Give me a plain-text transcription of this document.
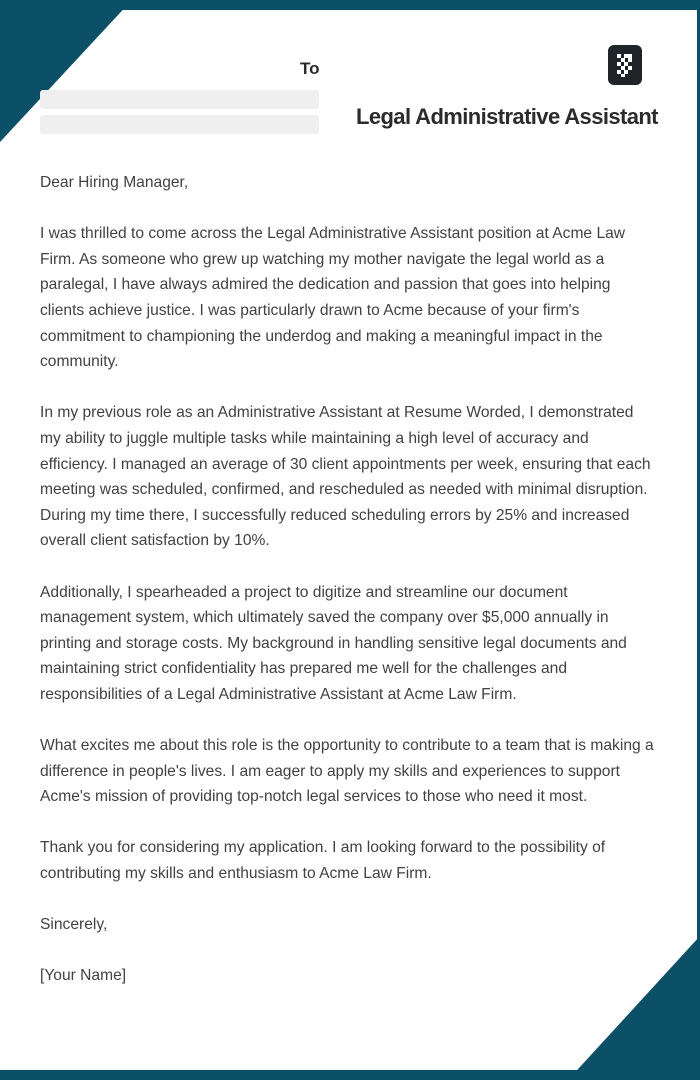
To
Legal Administrative Assistant

Dear Hiring Manager,

I was thrilled to come across the Legal Administrative Assistant position at Acme Law Firm. As someone who grew up watching my mother navigate the legal world as a paralegal, I have always admired the dedication and passion that goes into helping clients achieve justice. I was particularly drawn to Acme because of your firm's commitment to championing the underdog and making a meaningful impact in the community.

In my previous role as an Administrative Assistant at Resume Worded, I demonstrated my ability to juggle multiple tasks while maintaining a high level of accuracy and efficiency. I managed an average of 30 client appointments per week, ensuring that each meeting was scheduled, confirmed, and rescheduled as needed with minimal disruption. During my time there, I successfully reduced scheduling errors by 25% and increased overall client satisfaction by 10%.

Additionally, I spearheaded a project to digitize and streamline our document management system, which ultimately saved the company over $5,000 annually in printing and storage costs. My background in handling sensitive legal documents and maintaining strict confidentiality has prepared me well for the challenges and responsibilities of a Legal Administrative Assistant at Acme Law Firm.

What excites me about this role is the opportunity to contribute to a team that is making a difference in people's lives. I am eager to apply my skills and experiences to support Acme's mission of providing top-notch legal services to those who need it most.

Thank you for considering my application. I am looking forward to the possibility of contributing my skills and enthusiasm to Acme Law Firm.

Sincerely,

[Your Name]
